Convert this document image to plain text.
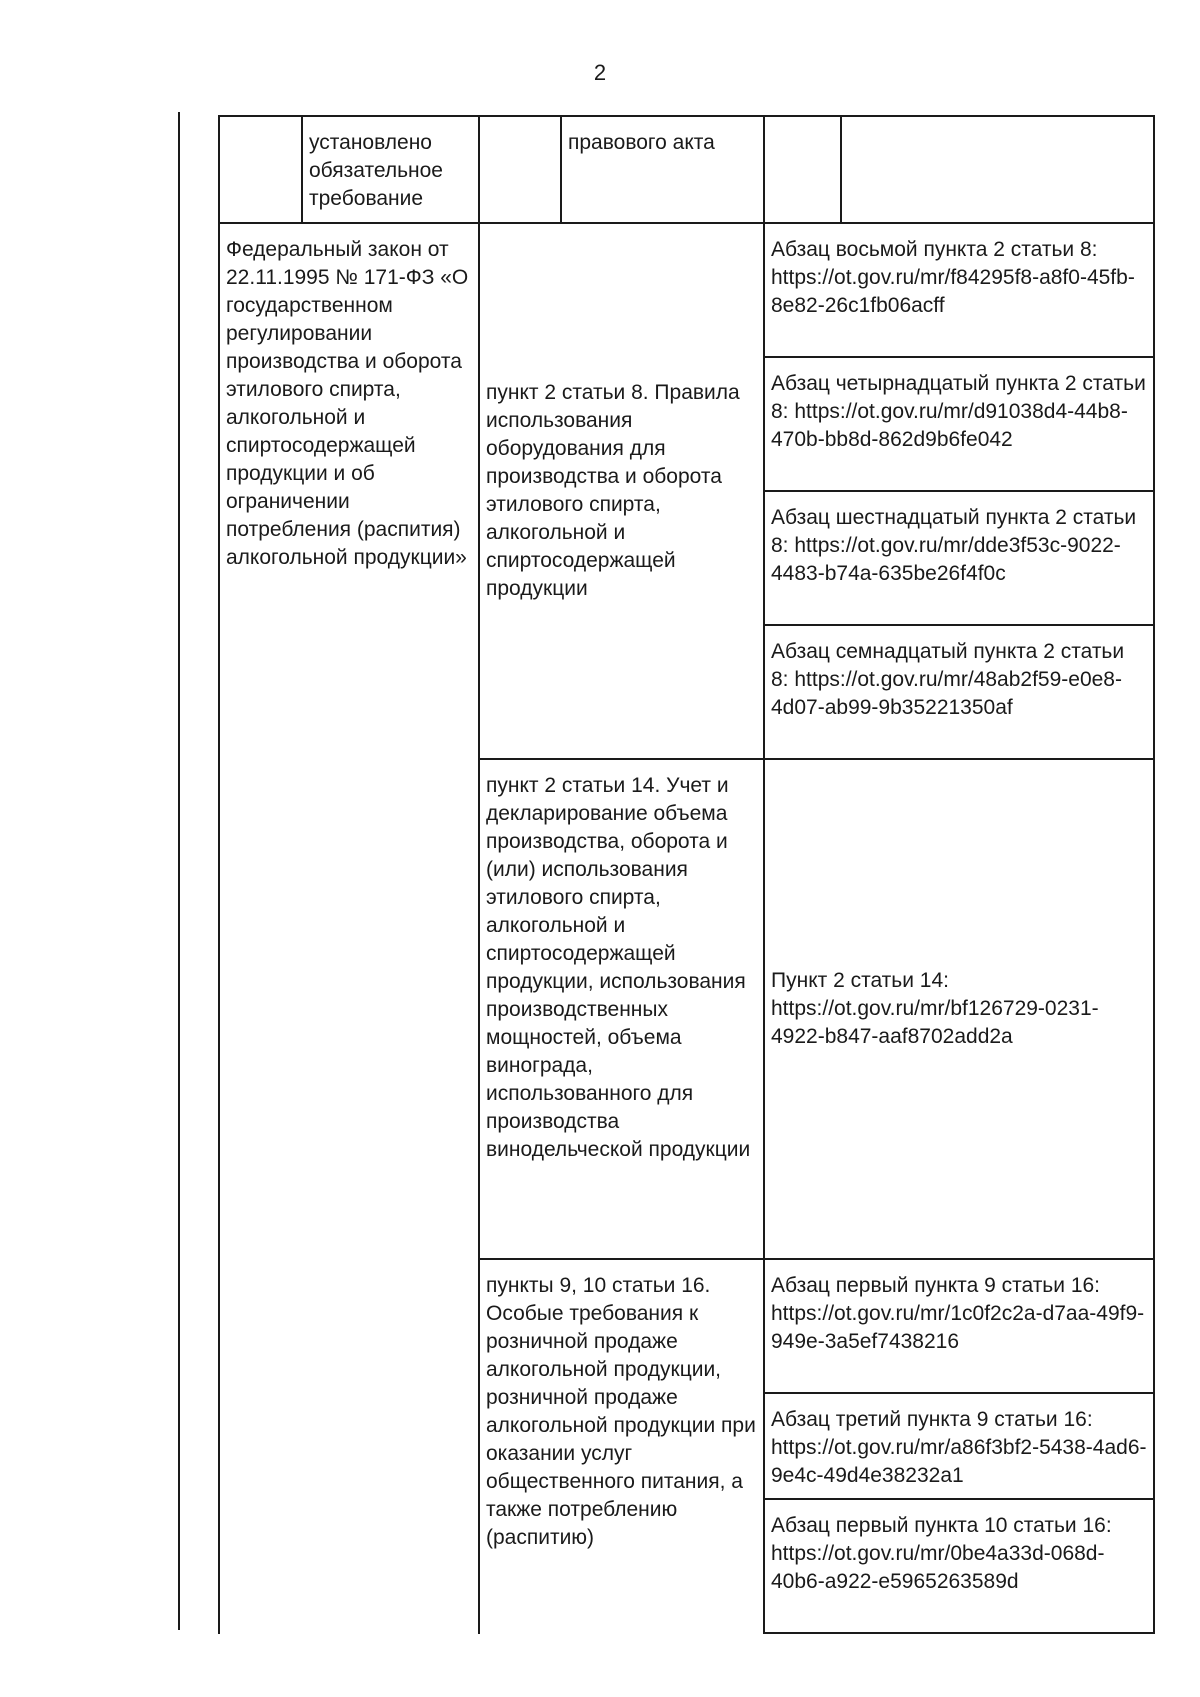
2
	установлено обязательное требование		правового акта		
Федеральный закон от 22.11.1995 № 171-ФЗ «О государственном регулировании производства и оборота этилового спирта, алкогольной и спиртосодержащей продукции и об ограничении потребления (распития) алкогольной продукции»		пункт 2 статьи 8. Правила использования оборудования для производства и оборота этилового спирта, алкогольной и спиртосодержащей продукции		Абзац восьмой пункта 2 статьи 8: https://ot.gov.ru/mr/f84295f8-a8f0-45fb-8e82-26c1fb06acff	
				Абзац четырнадцатый пункта 2 статьи 8: https://ot.gov.ru/mr/d91038d4-44b8-470b-bb8d-862d9b6fe042	
				Абзац шестнадцатый пункта 2 статьи 8: https://ot.gov.ru/mr/dde3f53c-9022-4483-b74a-635be26f4f0c	
				Абзац семнадцатый пункта 2 статьи 8: https://ot.gov.ru/mr/48ab2f59-e0e8-4d07-ab99-9b35221350af	
		пункт 2 статьи 14. Учет и декларирование объема производства, оборота и (или) использования этилового спирта, алкогольной и спиртосодержащей продукции, использования производственных мощностей, объема винограда, использованного для производства винодельческой продукции		Пункт 2 статьи 14: https://ot.gov.ru/mr/bf126729-0231-4922-b847-aaf8702add2a	
		пункты 9, 10 статьи 16. Особые требования к розничной продаже алкогольной продукции, розничной продаже алкогольной продукции при оказании услуг общественного питания, а также потреблению (распитию)		Абзац первый пункта 9 статьи 16: https://ot.gov.ru/mr/1c0f2c2a-d7aa-49f9-949e-3a5ef7438216	
				Абзац третий пункта 9 статьи 16: https://ot.gov.ru/mr/a86f3bf2-5438-4ad6-9e4c-49d4e38232a1	
				Абзац первый пункта 10 статьи 16: https://ot.gov.ru/mr/0be4a33d-068d-40b6-a922-e5965263589d	
